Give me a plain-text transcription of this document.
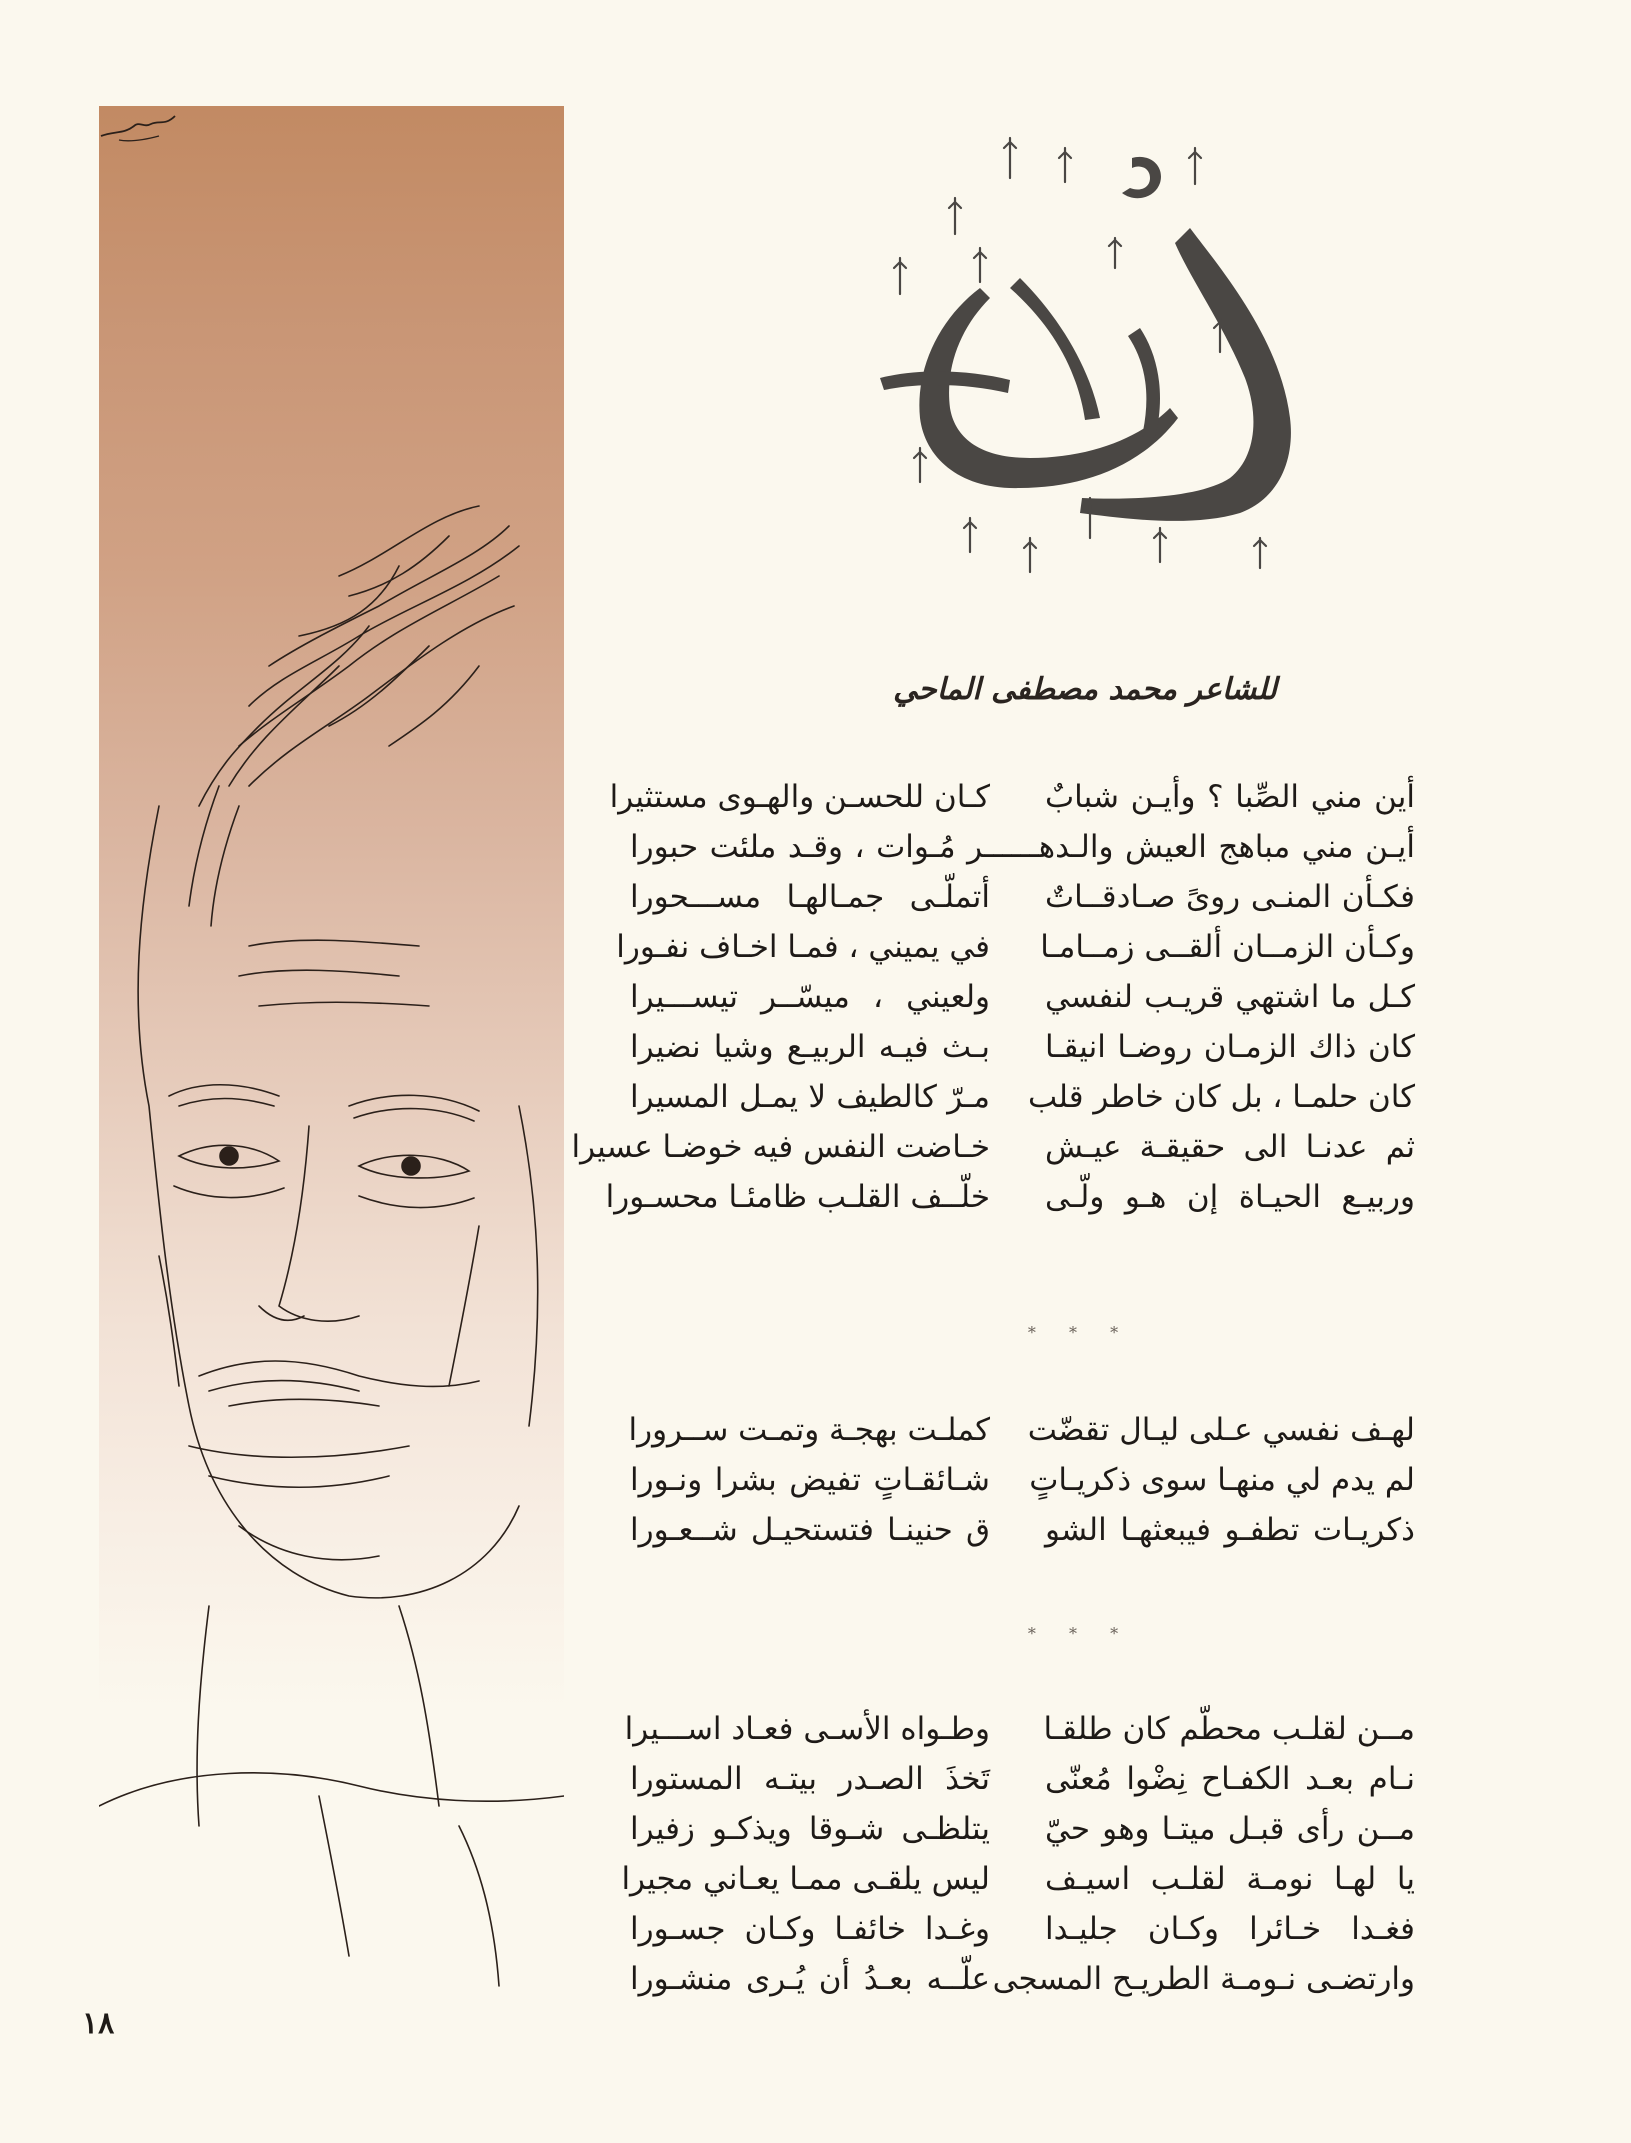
للشاعر محمد مصطفى الماحي
أين مني الصِّبا ؟ وأيـن شبابٌ
كـان للحسـن والهـوى مستثيرا
أيـن مني مباهج العيش والـدهــــــر مُـوات ، وقـد ملئت حبورا
فكـأن المنـى روىً صـادقــاتٌ
أتملّـى جمـالهـا مســـحورا
وكـأن الزمــان ألقــى زمــامـا
في يميني ، فمـا اخـاف نفـورا
كـل ما اشتهي قريـب لنفسي
ولعيني ، ميسّــر تيســـيرا
كان ذاك الزمـان روضـا انيقـا
بـث فيـه الربيـع وشيا نضيرا
كان حلمـا ، بل كان خاطر قلب
مـرّ كالطيف لا يمـل المسيرا
ثم عدنـا الى حقيقـة عيـش
خـاضت النفس فيه خوضـا عسيرا
وربيـع الحيـاة إن هـو ولّـى
خلّــف القلـب ظامئـا محسـورا
* * *
لهـف نفسي عـلى ليـال تقضّت
كملـت بهجـة وتمـت ســرورا
لم يدم لي منهـا سوى ذكريـاتٍ
شـائقـاتٍ تفيض بشرا ونـورا
ذكريـات تطفـو فيبعثهـا الشو
ق حنينـا فتستحيـل شــعـورا
* * *
مــن لقلـب محطّم كان طلقـا
وطـواه الأسـى فعـاد اســـيرا
نـام بعـد الكفـاح نِضْوا مُعنّى
تَخذَ الصـدر بيتـه المستورا
مــن رأى قبـل ميتـا وهو حيّ
يتلظـى شـوقا ويذكـو زفيرا
يا لهـا نومـة لقلـب اسيـف
ليس يلقـى ممـا يعـاني مجيرا
فغـدا خـائرا وكـان جليـدا
وغـدا خائفـا وكـان جسـورا
وارتضـى نـومـة الطريـح المسجى
علّــه بعـدُ أن يُـرى منشـورا
١٨
